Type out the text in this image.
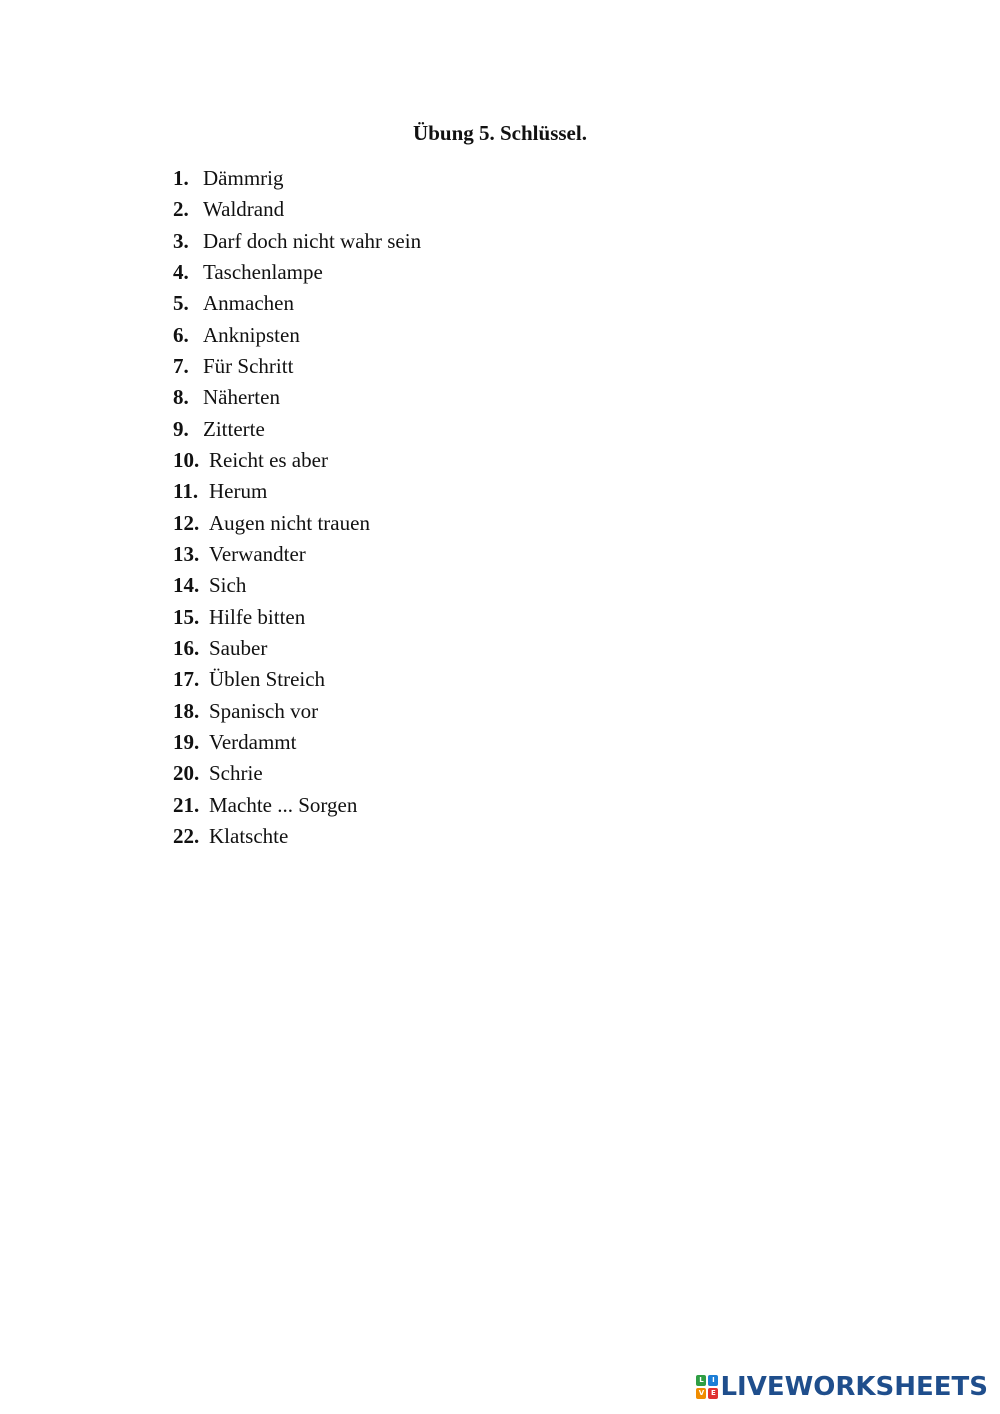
Übung 5. Schlüssel.
1. Dämmrig
2. Waldrand
3. Darf doch nicht wahr sein
4. Taschenlampe
5. Anmachen
6. Anknipsten
7. Für Schritt
8. Näherten
9. Zitterte
10. Reicht es aber
11. Herum
12. Augen nicht trauen
13. Verwandter
14. Sich
15. Hilfe bitten
16. Sauber
17. Üblen Streich
18. Spanisch vor
19. Verdammt
20. Schrie
21. Machte ... Sorgen
22. Klatschte
L	I
V E LIVEWORKSHEETS
